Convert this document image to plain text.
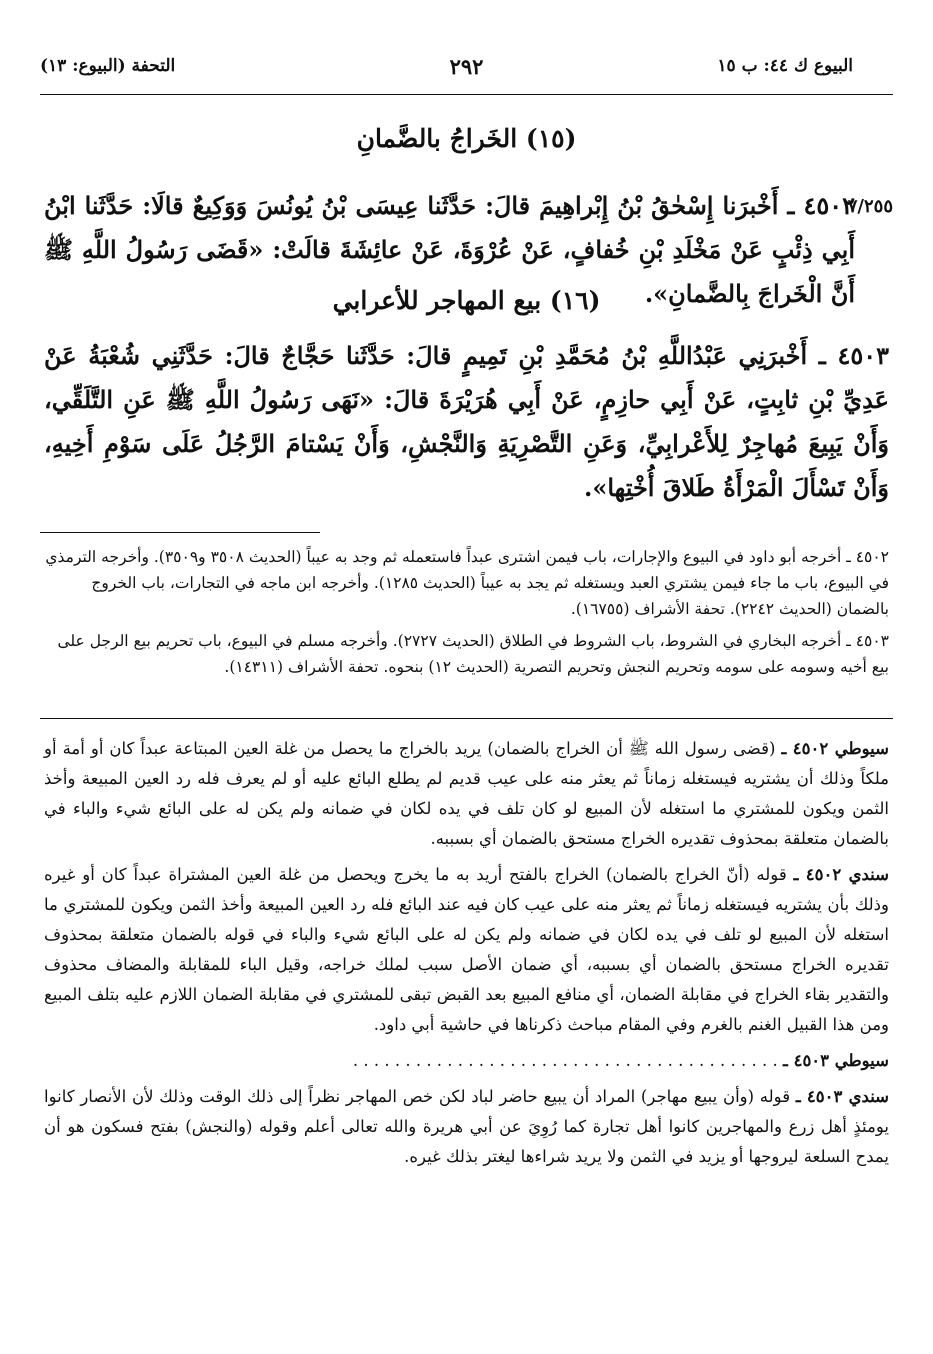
البيوع ك ٤٤: ب ١٥
٢٩٢
التحفة (البيوع: ١٣)
(١٥) الخَراجُ بالضَّمانِ
٧/٢٥٥
٤٥٠٢ ـ أَخْبرَنا إِسْحٰقُ بْنُ إِبْراهِيمَ قالَ: حَدَّثَنا عِيسَى بْنُ يُونُسَ وَوَكِيعٌ قالَا: حَدَّثَنا ابْنُ أَبِي ذِئْبٍ عَنْ مَخْلَدِ بْنِ خُفافٍ، عَنْ عُرْوَةَ، عَنْ عائِشَةَ قالَتْ: «قَضَى رَسُولُ اللَّهِ ﷺ أَنَّ الْخَراجَ بِالضَّمانِ».
(١٦) بيع المهاجر للأعرابي
٤٥٠٣ ـ أَخْبرَنِي عَبْدُاللَّهِ بْنُ مُحَمَّدِ بْنِ تَمِيمٍ قالَ: حَدَّثَنا حَجَّاجٌ قالَ: حَدَّثَنِي شُعْبَةُ عَنْ عَدِيِّ بْنِ ثابِتٍ، عَنْ أَبِي حازِمٍ، عَنْ أَبِي هُرَيْرَةَ قالَ: «نَهَى رَسُولُ اللَّهِ ﷺ عَنِ التَّلَقِّي، وَأَنْ يَبِيعَ مُهاجِرٌ لِلأَعْرابِيِّ، وَعَنِ التَّصْرِيَةِ وَالنَّجْشِ، وَأَنْ يَسْتامَ الرَّجُلُ عَلَى سَوْمِ أَخِيهِ، وَأَنْ تَسْأَلَ الْمَرْأَةُ طَلاقَ أُخْتِها».

٤٥٠٢ ـ أخرجه أبو داود في البيوع والإجارات، باب فيمن اشترى عبداً فاستعمله ثم وجد به عيباً (الحديث ٣٥٠٨ و٣٥٠٩). وأخرجه الترمذي في البيوع، باب ما جاء فيمن يشتري العبد ويستغله ثم يجد به عيباً (الحديث ١٢٨٥). وأخرجه ابن ماجه في التجارات، باب الخروج بالضمان (الحديث ٢٢٤٢). تحفة الأشراف (١٦٧٥٥).

٤٥٠٣ ـ أخرجه البخاري في الشروط، باب الشروط في الطلاق (الحديث ٢٧٢٧). وأخرجه مسلم في البيوع، باب تحريم بيع الرجل على بيع أخيه وسومه على سومه وتحريم النجش وتحريم التصرية (الحديث ١٢) بنحوه. تحفة الأشراف (١٤٣١١).

سيوطي ٤٥٠٢ ـ (قضى رسول الله ﷺ أن الخراج بالضمان) يريد بالخراج ما يحصل من غلة العين المبتاعة عبداً كان أو أمة أو ملكاً وذلك أن يشتريه فيستغله زماناً ثم يعثر منه على عيب قديم لم يطلع البائع عليه أو لم يعرف فله رد العين المبيعة وأخذ الثمن ويكون للمشتري ما استغله لأن المبيع لو كان تلف في يده لكان في ضمانه ولم يكن له على البائع شيء والباء في بالضمان متعلقة بمحذوف تقديره الخراج مستحق بالضمان أي بسببه.

سندي ٤٥٠٢ ـ قوله (أنّ الخراج بالضمان) الخراج بالفتح أريد به ما يخرج ويحصل من غلة العين المشتراة عبداً كان أو غيره وذلك بأن يشتريه فيستغله زماناً ثم يعثر منه على عيب كان فيه عند البائع فله رد العين المبيعة وأخذ الثمن ويكون للمشتري ما استغله لأن المبيع لو تلف في يده لكان في ضمانه ولم يكن له على البائع شيء والباء في قوله بالضمان متعلقة بمحذوف تقديره الخراج مستحق بالضمان أي بسببه، أي ضمان الأصل سبب لملك خراجه، وقيل الباء للمقابلة والمضاف محذوف والتقدير بقاء الخراج في مقابلة الضمان، أي منافع المبيع بعد القبض تبقى للمشتري في مقابلة الضمان اللازم عليه بتلف المبيع ومن هذا القبيل الغنم بالغرم وفي المقام مباحث ذكرناها في حاشية أبي داود.

سيوطي ٤٥٠٣ ـ . . . . . . . . . . . . . . . . . . . . . . . . . . . . . . . . . . . . . . . . .

سندي ٤٥٠٣ ـ قوله (وأن يبيع مهاجر) المراد أن يبيع حاضر لباد لكن خص المهاجر نظراً إلى ذلك الوقت وذلك لأن الأنصار كانوا يومئذٍ أهل زرع والمهاجرين كانوا أهل تجارة كما رُوِيَ عن أبي هريرة والله تعالى أعلم وقوله (والنجش) بفتح فسكون هو أن يمدح السلعة ليروجها أو يزيد في الثمن ولا يريد شراءها ليغتر بذلك غيره.
